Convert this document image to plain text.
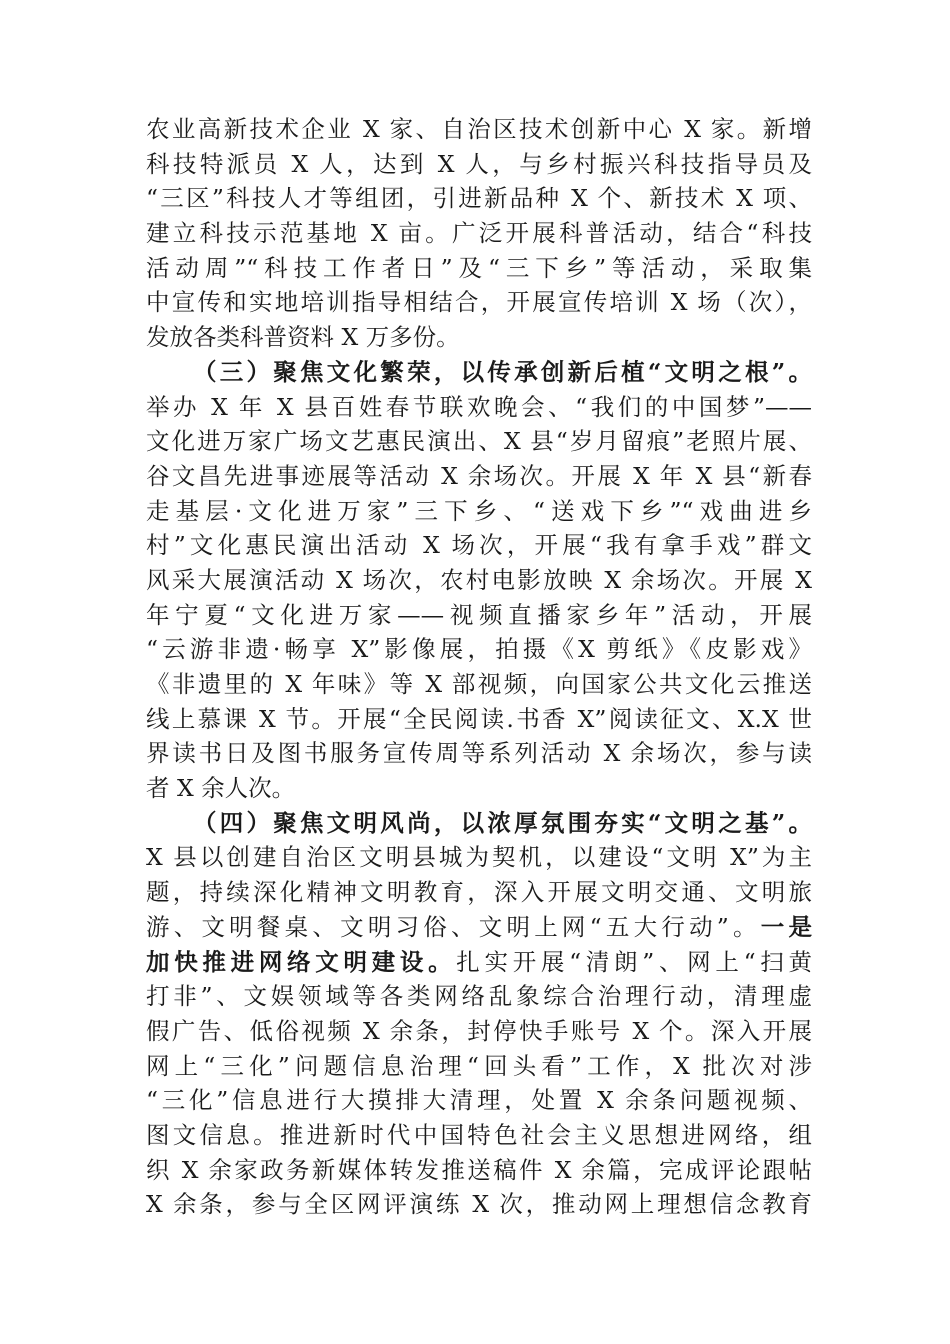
农业高新技术企业 X 家、自治区技术创新中心 X 家。新增
科技特派员 X 人，达到 X 人，与乡村振兴科技指导员及
“三区”科技人才等组团，引进新品种 X 个、新技术 X 项、
建立科技示范基地 X 亩。广泛开展科普活动，结合“科技
活动周”“科技工作者日”及“三下乡”等活动，采取集
中宣传和实地培训指导相结合，开展宣传培训 X 场（次），
发放各类科普资料 X 万多份。
（三）聚焦文化繁荣，以传承创新后植“文明之根”。
举办 X 年 X 县百姓春节联欢晚会、“我们的中国梦”——
文化进万家广场文艺惠民演出、X 县“岁月留痕”老照片展、
谷文昌先进事迹展等活动 X 余场次。开展 X 年 X 县“新春
走基层·文化进万家”三下乡、“送戏下乡”“戏曲进乡
村”文化惠民演出活动 X 场次，开展“我有拿手戏”群文
风采大展演活动 X 场次，农村电影放映 X 余场次。开展 X
年宁夏“文化进万家——视频直播家乡年”活动，开展
“云游非遗·畅享 X”影像展，拍摄《X 剪纸》《皮影戏》
《非遗里的 X 年味》等 X 部视频，向国家公共文化云推送
线上慕课 X 节。开展“全民阅读.书香 X”阅读征文、X.X 世
界读书日及图书服务宣传周等系列活动 X 余场次，参与读
者 X 余人次。
（四）聚焦文明风尚，以浓厚氛围夯实“文明之基”。
X 县以创建自治区文明县城为契机，以建设“文明 X”为主
题，持续深化精神文明教育，深入开展文明交通、文明旅
游、文明餐桌、文明习俗、文明上网“五大行动”。一是
加快推进网络文明建设。扎实开展“清朗”、网上“扫黄
打非”、文娱领域等各类网络乱象综合治理行动，清理虚
假广告、低俗视频 X 余条，封停快手账号 X 个。深入开展
网上“三化”问题信息治理“回头看”工作，X 批次对涉
“三化”信息进行大摸排大清理，处置 X 余条问题视频、
图文信息。推进新时代中国特色社会主义思想进网络，组
织 X 余家政务新媒体转发推送稿件 X 余篇，完成评论跟帖
X 余条，参与全区网评演练 X 次，推动网上理想信念教育
